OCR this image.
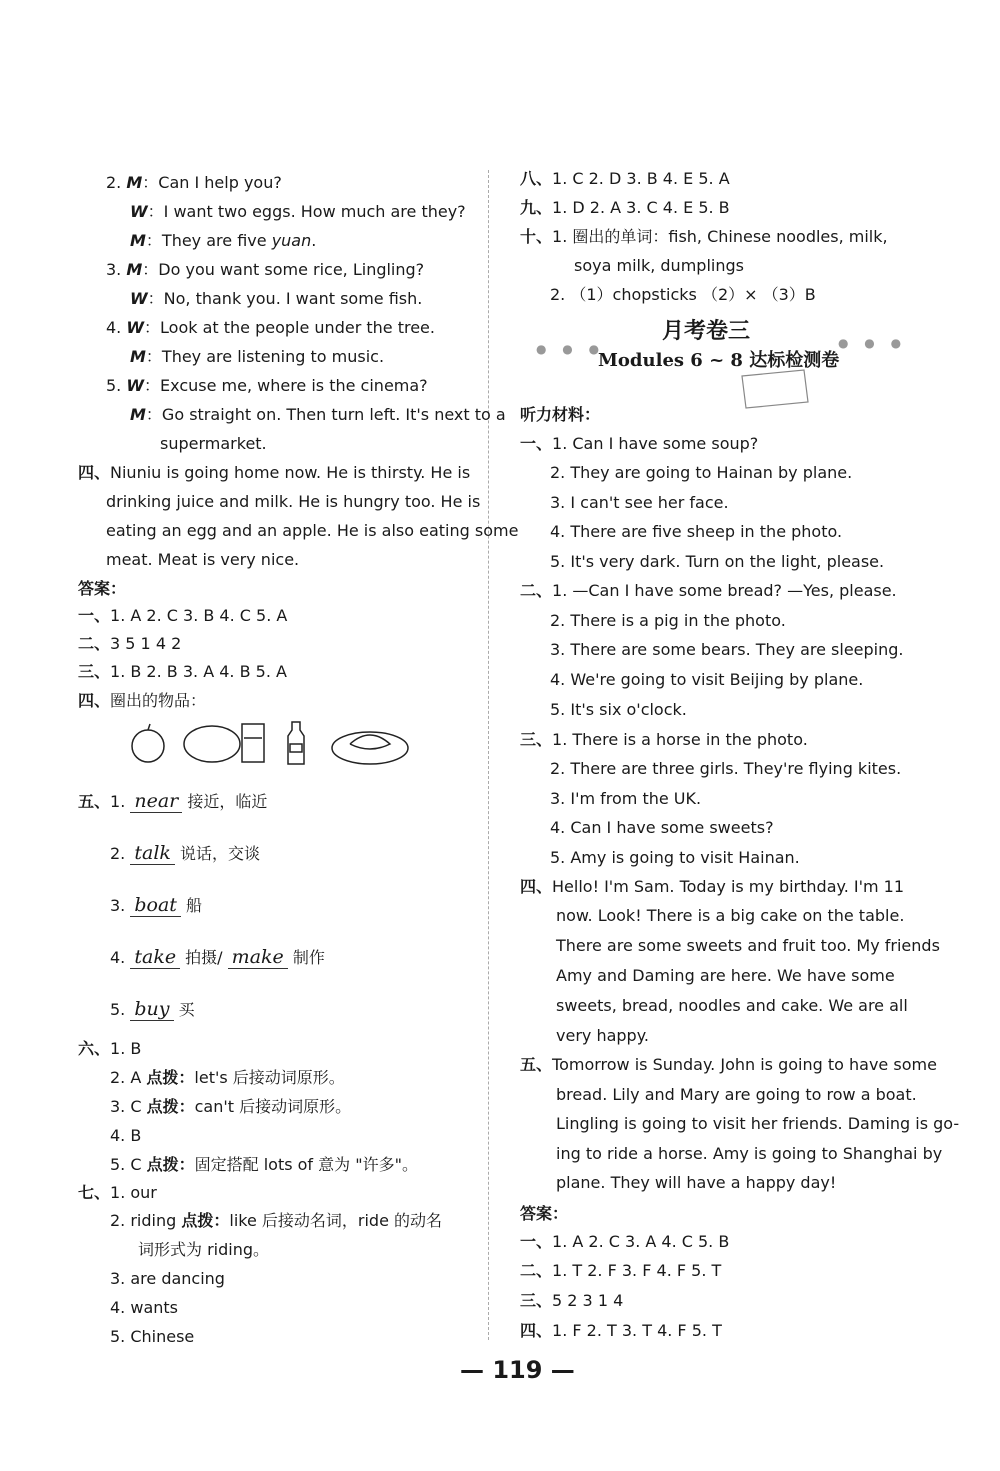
2. M：Can I help you?
W：I want two eggs. How much are they?
M：They are five yuan.
3. M：Do you want some rice, Lingling?
W：No, thank you. I want some fish.
4. W：Look at the people under the tree.
M：They are listening to music.
5. W：Excuse me, where is the cinema?
M：Go straight on. Then turn left. It's next to a
supermarket.
四、Niuniu is going home now. He is thirsty. He is
drinking juice and milk. He is hungry too. He is
eating an egg and an apple. He is also eating some
meat. Meat is very nice.
答案：
一、1. A 2. C 3. B 4. C 5. A
二、3 5 1 4 2
三、1. B 2. B 3. A 4. B 5. A
四、圈出的物品：
五、1. near 接近，临近
2. talk 说话，交谈
3. boat 船
4. take 拍摄/ make 制作
5. buy 买
六、1. B
2. A 点拨：let's 后接动词原形。
3. C 点拨：can't 后接动词原形。
4. B
5. C 点拨：固定搭配 lots of 意为 "许多"。
七、1. our
2. riding 点拨：like 后接动名词，ride 的动名
词形式为 riding。
3. are dancing
4. wants
5. Chinese
八、1. C 2. D 3. B 4. E 5. A
九、1. D 2. A 3. C 4. E 5. B
十、1. 圈出的单词：fish, Chinese noodles, milk,
soya milk, dumplings
2. （1）chopsticks （2）× （3）B
听力材料：
一、1. Can I have some soup?
2. They are going to Hainan by plane.
3. I can't see her face.
4. There are five sheep in the photo.
5. It's very dark. Turn on the light, please.
二、1. —Can I have some bread? —Yes, please.
2. There is a pig in the photo.
3. There are some bears. They are sleeping.
4. We're going to visit Beijing by plane.
5. It's six o'clock.
三、1. There is a horse in the photo.
2. There are three girls. They're flying kites.
3. I'm from the UK.
4. Can I have some sweets?
5. Amy is going to visit Hainan.
四、Hello! I'm Sam. Today is my birthday. I'm 11
now. Look! There is a big cake on the table.
There are some sweets and fruit too. My friends
Amy and Daming are here. We have some
sweets, bread, noodles and cake. We are all
very happy.
五、Tomorrow is Sunday. John is going to have some
bread. Lily and Mary are going to row a boat.
Lingling is going to visit her friends. Daming is go-
ing to ride a horse. Amy is going to Shanghai by
plane. They will have a happy day!
答案：
一、1. A 2. C 3. A 4. C 5. B
二、1. T 2. F 3. F 4. F 5. T
三、5 2 3 1 4
四、1. F 2. T 3. T 4. F 5. T
月考卷三
● ● ●	● ● ●
Modules 6 ~ 8 达标检测卷
— 119 —
